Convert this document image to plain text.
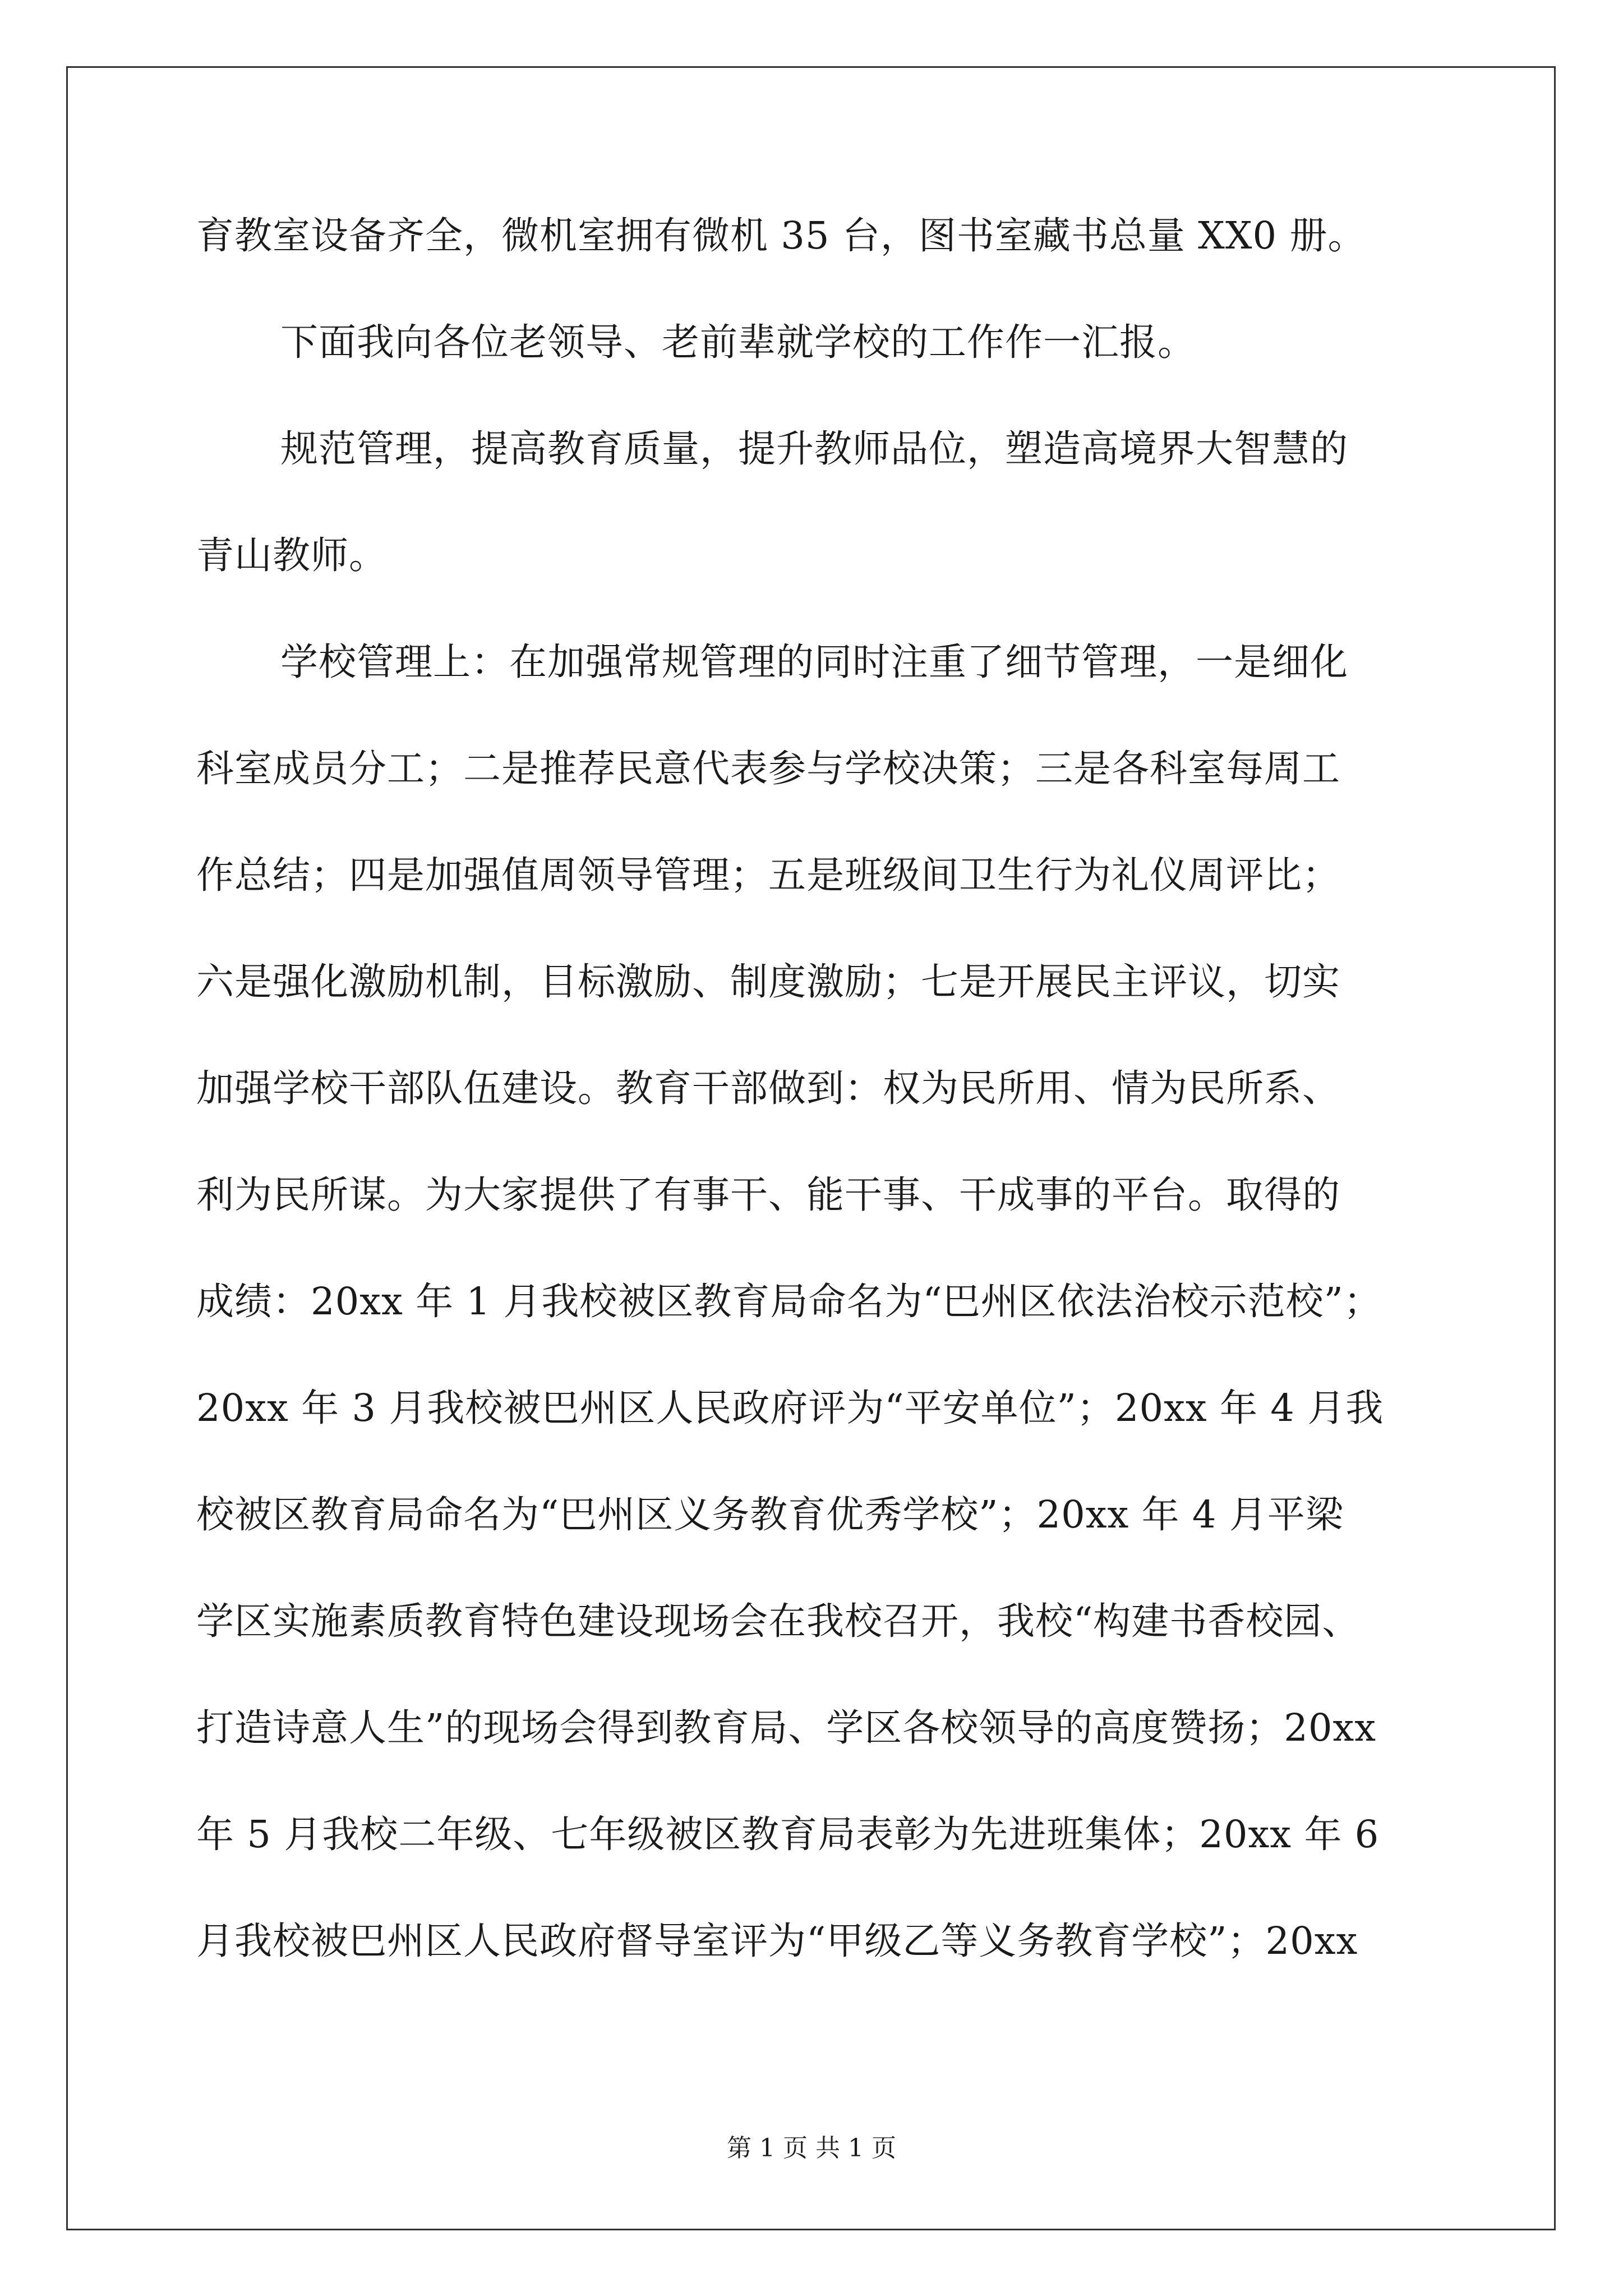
育教室设备齐全，微机室拥有微机 35 台，图书室藏书总量 XX0 册。
下面我向各位老领导、老前辈就学校的工作作一汇报。
规范管理，提高教育质量，提升教师品位，塑造高境界大智慧的
青山教师。
学校管理上：在加强常规管理的同时注重了细节管理，一是细化
科室成员分工；二是推荐民意代表参与学校决策；三是各科室每周工
作总结；四是加强值周领导管理；五是班级间卫生行为礼仪周评比；
六是强化激励机制，目标激励、制度激励；七是开展民主评议，切实
加强学校干部队伍建设。教育干部做到：权为民所用、情为民所系、
利为民所谋。为大家提供了有事干、能干事、干成事的平台。取得的
成绩：20xx 年 1 月我校被区教育局命名为“巴州区依法治校示范校”；
20xx 年 3 月我校被巴州区人民政府评为“平安单位”；20xx 年 4 月我
校被区教育局命名为“巴州区义务教育优秀学校”；20xx 年 4 月平梁
学区实施素质教育特色建设现场会在我校召开，我校“构建书香校园、
打造诗意人生”的现场会得到教育局、学区各校领导的高度赞扬；20xx
年 5 月我校二年级、七年级被区教育局表彰为先进班集体；20xx 年 6
月我校被巴州区人民政府督导室评为“甲级乙等义务教育学校”；20xx
第 1 页 共 1 页
